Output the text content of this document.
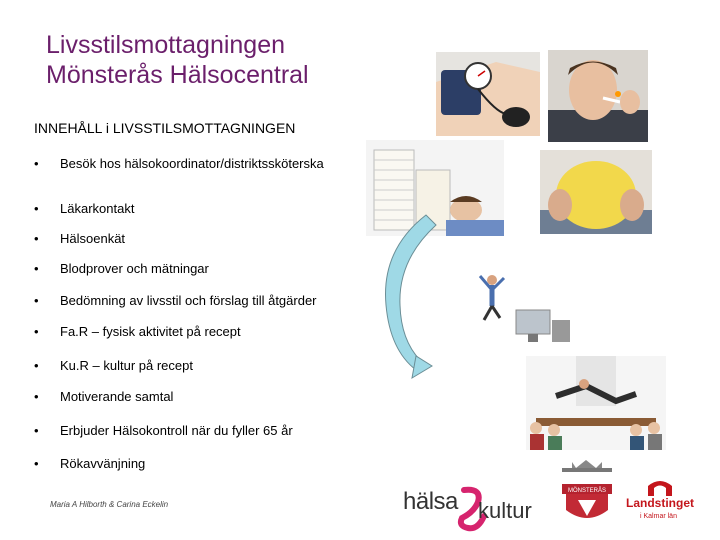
Livsstilsmottagningen
Mönsterås Hälsocentral
INNEHÅLL i LIVSSTILSMOTTAGNINGEN
• Besök hos hälsokoordinator/distriktssköterska
• Läkarkontakt
• Hälsoenkät
• Blodprover och mätningar
• Bedömning av livsstil och förslag till åtgärder
• Fa.R – fysisk aktivitet på recept
• Ku.R – kultur på recept
• Motiverande samtal
• Erbjuder Hälsokontroll när du fyller 65 år
• Rökavvänjning
Maria A Hilborth & Carina Eckelin	hälsa kultur
MÖNSTERÅS
Landstinget
i Kalmar län
